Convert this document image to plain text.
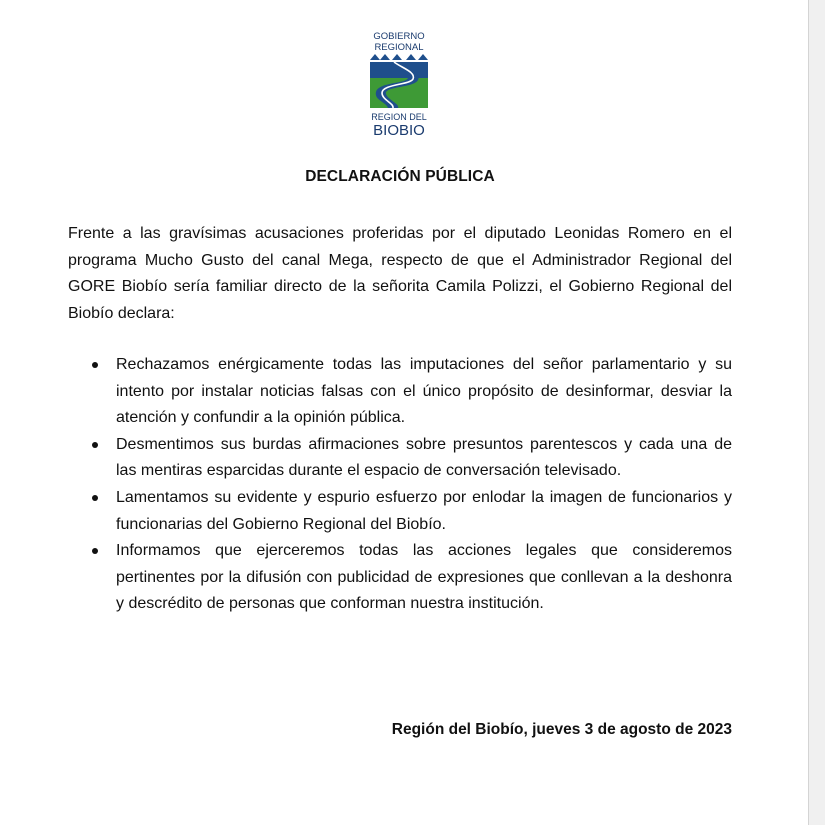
GOBIERNO
REGIONAL
REGION DEL
BIOBIO
DECLARACIÓN PÚBLICA

Frente a las gravísimas acusaciones proferidas por el diputado Leonidas Romero en el programa Mucho Gusto del canal Mega, respecto de que el Administrador Regional del GORE Biobío sería familiar directo de la señorita Camila Polizzi, el Gobierno Regional del Biobío declara:

Rechazamos enérgicamente todas las imputaciones del señor parlamentario y su intento por instalar noticias falsas con el único propósito de desinformar, desviar la atención y confundir a la opinión pública.
Desmentimos sus burdas afirmaciones sobre presuntos parentescos y cada una de las mentiras esparcidas durante el espacio de conversación televisado.
Lamentamos su evidente y espurio esfuerzo por enlodar la imagen de funcionarios y funcionarias del Gobierno Regional del Biobío.
Informamos que ejerceremos todas las acciones legales que consideremos pertinentes por la difusión con publicidad de expresiones que conllevan a la deshonra y descrédito de personas que conforman nuestra institución.
Región del Biobío, jueves 3 de agosto de 2023
